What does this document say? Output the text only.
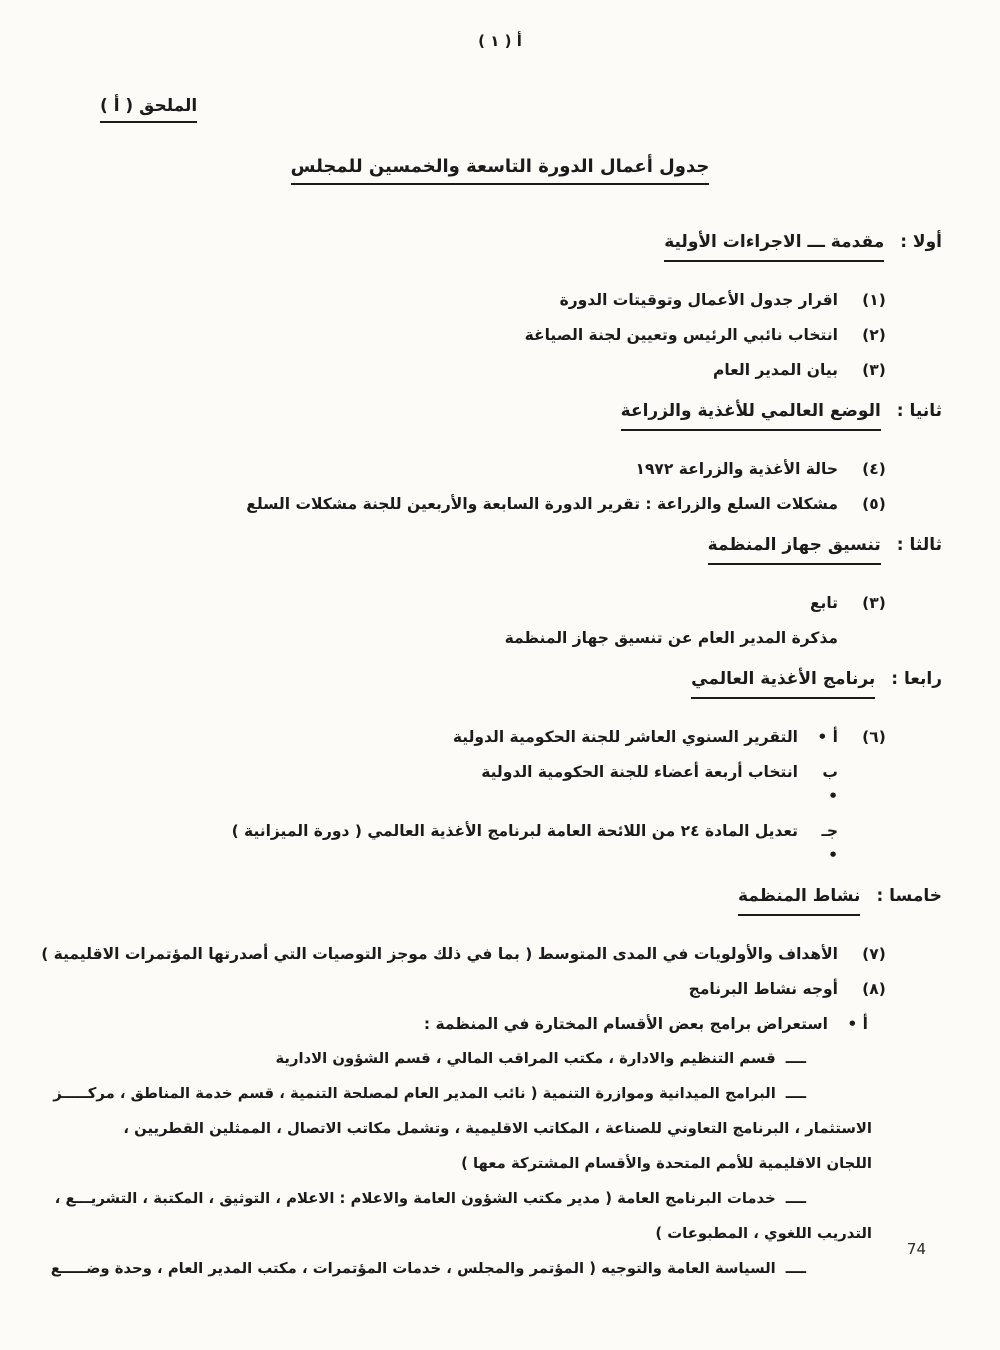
أ ( ١ )
الملحق ( أ )
جدول أعمال الدورة التاسعة والخمسين للمجلس
أولا :
مقدمة ـــ الاجراءات الأولية
(١)
اقرار جدول الأعمال وتوقيتات الدورة
(٢)
انتخاب نائبي الرئيس وتعيين لجنة الصياغة
(٣)
بيان المدير العام
ثانيا :
الوضع العالمي للأغذية والزراعة
(٤)
حالة الأغذية والزراعة ١٩٧٢
(٥)
مشكلات السلع والزراعة : تقرير الدورة السابعة والأربعين للجنة مشكلات السلع
ثالثا :
تنسيق جهاز المنظمة
(٣)
تابع
مذكرة المدير العام عن تنسيق جهاز المنظمة
رابعا :
برنامج الأغذية العالمي
(٦)
أ •
التقرير السنوي العاشر للجنة الحكومية الدولية
ب •
انتخاب أربعة أعضاء للجنة الحكومية الدولية
جـ •
تعديل المادة ٢٤ من اللائحة العامة لبرنامج الأغذية العالمي ( دورة الميزانية )
خامسا :
نشاط المنظمة
(٧)
الأهداف والأولويات في المدى المتوسط ( بما في ذلك موجز التوصيات التي أصدرتها المؤتمرات الاقليمية )
(٨)
أوجه نشاط البرنامج
أ •
استعراض برامج بعض الأقسام المختارة في المنظمة :
ــــ
قسم التنظيم والادارة ، مكتب المراقب المالي ، قسم الشؤون الادارية
ــــ
البرامج الميدانية وموازرة التنمية ( نائب المدير العام لمصلحة التنمية ، قسم خدمة المناطق ، مركـــــز
الاستثمار ، البرنامج التعاوني للصناعة ، المكاتب الاقليمية ، وتشمل مكاتب الاتصال ، الممثلين القطريين ،
اللجان الاقليمية للأمم المتحدة والأقسام المشتركة معها )
ــــ
خدمات البرنامج العامة ( مدير مكتب الشؤون العامة والاعلام : الاعلام ، التوثيق ، المكتبة ، التشريـــع ،
التدريب اللغوي ، المطبوعات )
ــــ
السياسة العامة والتوجيه ( المؤتمر والمجلس ، خدمات المؤتمرات ، مكتب المدير العام ، وحدة وضـــــع
74
